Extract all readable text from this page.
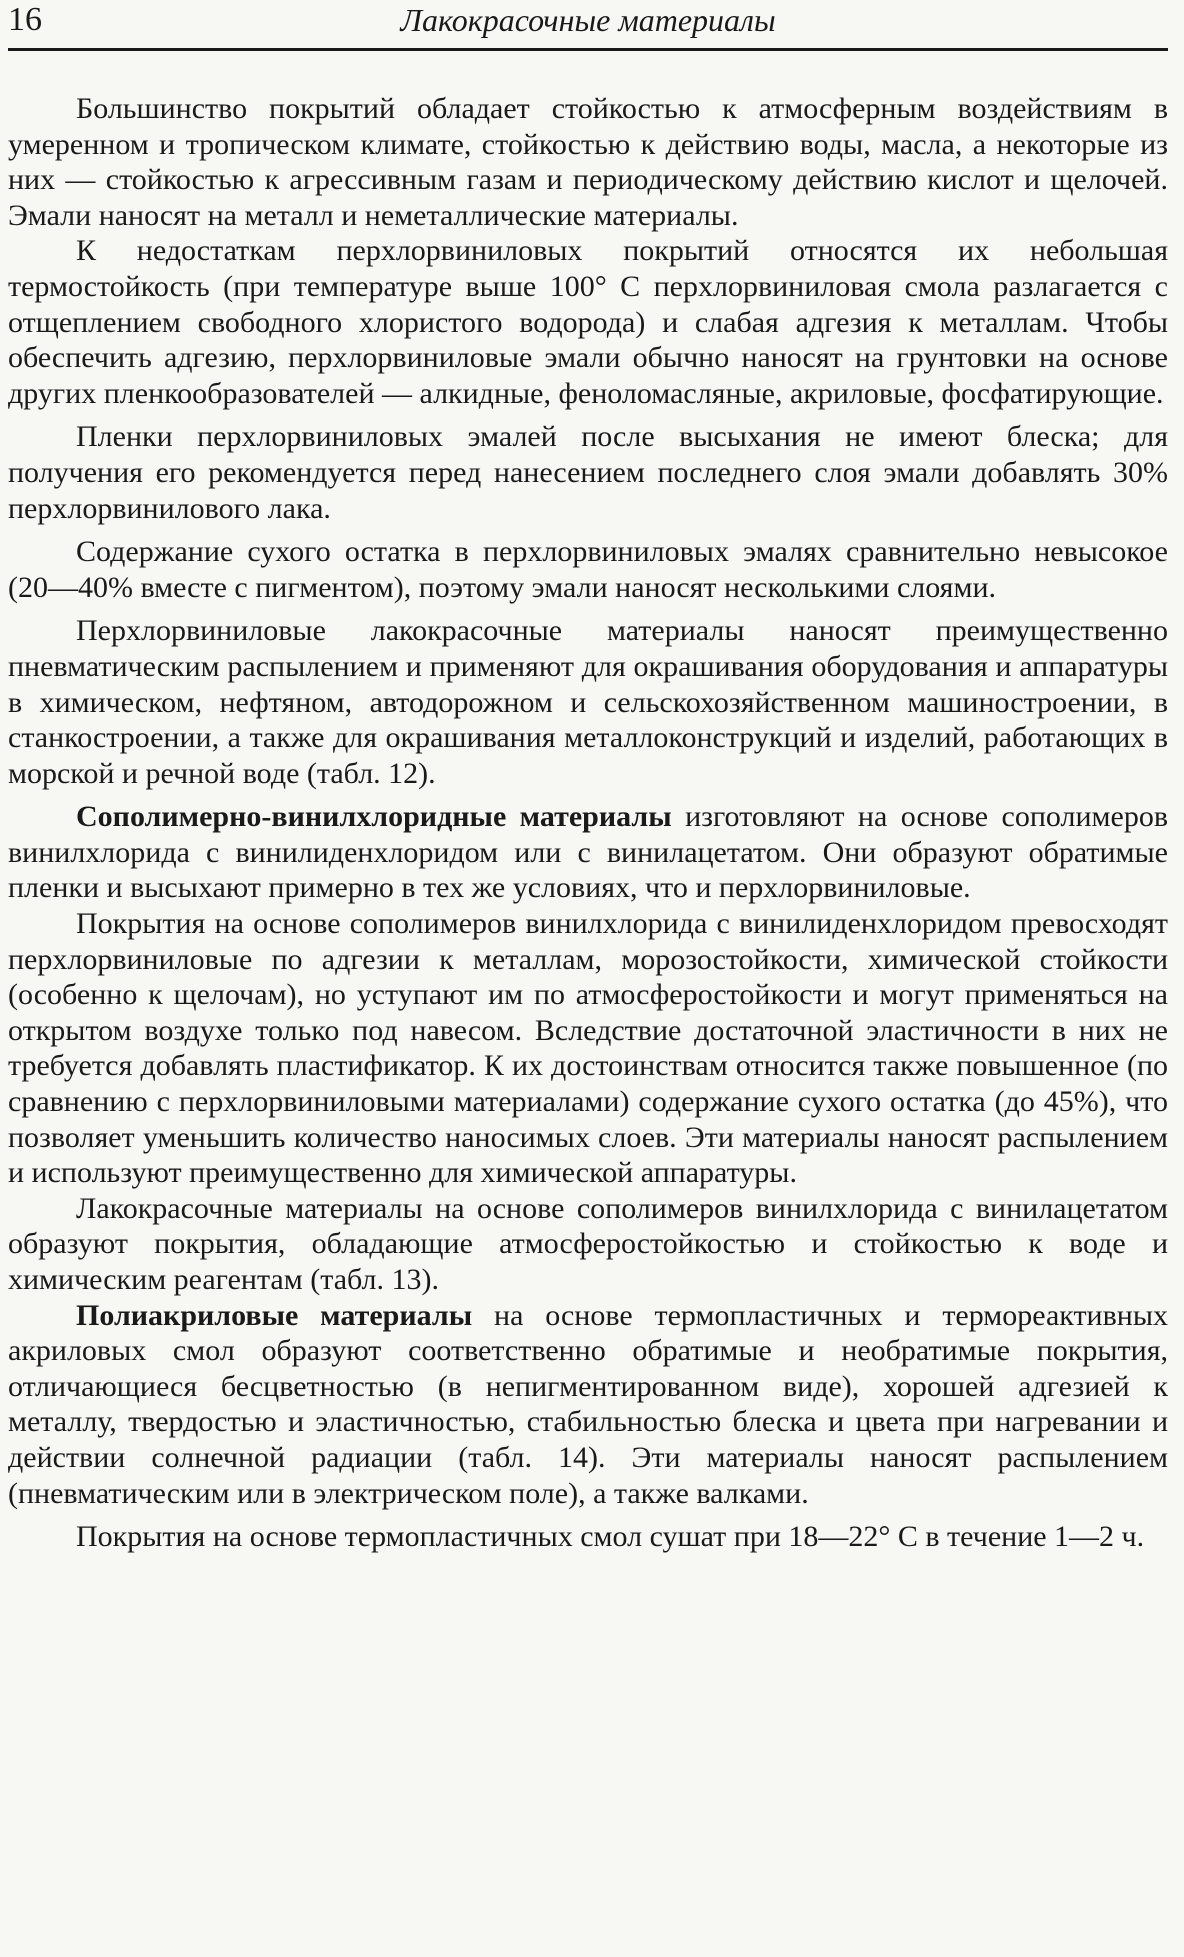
16	Лакокрасочные материалы

Большинство покрытий обладает стойкостью к атмосферным воздействиям в умеренном и тропическом климате, стойкостью к действию воды, масла, а некоторые из них — стойкостью к агрессивным газам и периодическому действию кислот и щелочей. Эмали наносят на металл и неметаллические материалы.

К недостаткам перхлорвиниловых покрытий относятся их небольшая термостойкость (при температуре выше 100° С перхлорвиниловая смола разлагается с отщеплением свободного хлористого водорода) и слабая адгезия к металлам. Чтобы обеспечить адгезию, перхлорвиниловые эмали обычно наносят на грунтовки на основе других пленкообразователей — алкидные, феноломасляные, акриловые, фосфатирующие.

Пленки перхлорвиниловых эмалей после высыхания не имеют блеска; для получения его рекомендуется перед нанесением последнего слоя эмали добавлять 30% перхлорвинилового лака.

Содержание сухого остатка в перхлорвиниловых эмалях сравнительно невысокое (20—40% вместе с пигментом), поэтому эмали наносят несколькими слоями.

Перхлорвиниловые лакокрасочные материалы наносят преимущественно пневматическим распылением и применяют для окрашивания оборудования и аппаратуры в химическом, нефтяном, автодорожном и сельскохозяйственном машиностроении, в станкостроении, а также для окрашивания металлоконструкций и изделий, работающих в морской и речной воде (табл. 12).

Сополимерно-винилхлоридные материалы изготовляют на основе сополимеров винилхлорида с винилиденхлоридом или с винилацетатом. Они образуют обратимые пленки и высыхают примерно в тех же условиях, что и перхлорвиниловые.

Покрытия на основе сополимеров винилхлорида с винилиденхлоридом превосходят перхлорвиниловые по адгезии к металлам, морозостойкости, химической стойкости (особенно к щелочам), но уступают им по атмосферостойкости и могут применяться на открытом воздухе только под навесом. Вследствие достаточной эластичности в них не требуется добавлять пластификатор. К их достоинствам относится также повышенное (по сравнению с перхлорвиниловыми материалами) содержание сухого остатка (до 45%), что позволяет уменьшить количество наносимых слоев. Эти материалы наносят распылением и используют преимущественно для химической аппаратуры.

Лакокрасочные материалы на основе сополимеров винилхлорида с винилацетатом образуют покрытия, обладающие атмосферостойкостью и стойкостью к воде и химическим реагентам (табл. 13).

Полиакриловые материалы на основе термопластичных и термореактивных акриловых смол образуют соответственно обратимые и необратимые покрытия, отличающиеся бесцветностью (в непигментированном виде), хорошей адгезией к металлу, твердостью и эластичностью, стабильностью блеска и цвета при нагревании и действии солнечной радиации (табл. 14). Эти материалы наносят распылением (пневматическим или в электрическом поле), а также валками.

Покрытия на основе термопластичных смол сушат при 18—22° С в течение 1—2 ч.
